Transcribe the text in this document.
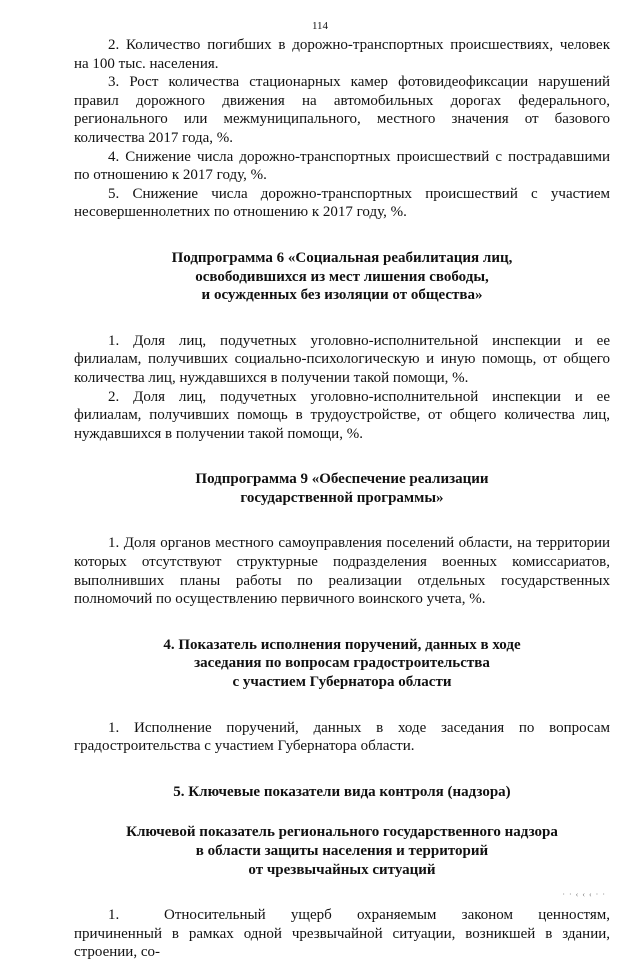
114

2. Количество погибших в дорожно-транспортных происшествиях, человек на 100 тыс. населения.

3. Рост количества стационарных камер фотовидеофиксации нарушений правил дорожного движения на автомобильных дорогах федерального, регионального или межмуниципального, местного значения от базового количества 2017 года, %.

4. Снижение числа дорожно-транспортных происшествий с пострадавшими по отношению к 2017 году, %.

5. Снижение числа дорожно-транспортных происшествий с участием несовершеннолетних по отношению к 2017 году, %.

Подпрограмма 6 «Социальная реабилитация лиц,
освободившихся из мест лишения свободы,
и осужденных без изоляции от общества»

1. Доля лиц, подучетных уголовно-исполнительной инспекции и ее филиалам, получивших социально-психологическую и иную помощь, от общего количества лиц, нуждавшихся в получении такой помощи, %.

2. Доля лиц, подучетных уголовно-исполнительной инспекции и ее филиалам, получивших помощь в трудоустройстве, от общего количества лиц, нуждавшихся в получении такой помощи, %.

Подпрограмма 9 «Обеспечение реализации
государственной программы»

1. Доля органов местного самоуправления поселений области, на территории которых отсутствуют структурные подразделения военных комиссариатов, выполнивших планы работы по реализации отдельных государственных полномочий по осуществлению первичного воинского учета, %.

4. Показатель исполнения поручений, данных в ходе
заседания по вопросам градостроительства
с участием Губернатора области

1. Исполнение поручений, данных в ходе заседания по вопросам градостроительства с участием Губернатора области.

5. Ключевые показатели вида контроля (надзора)
Ключевой показатель регионального государственного надзора
в области защиты населения и территорий
от чрезвычайных ситуаций

1.	Относительный ущерб охраняемым законом ценностям, причиненный в рамках одной чрезвычайной ситуации, возникшей в здании, строении, со-

· · ‹ ‹ ‹ · ·
